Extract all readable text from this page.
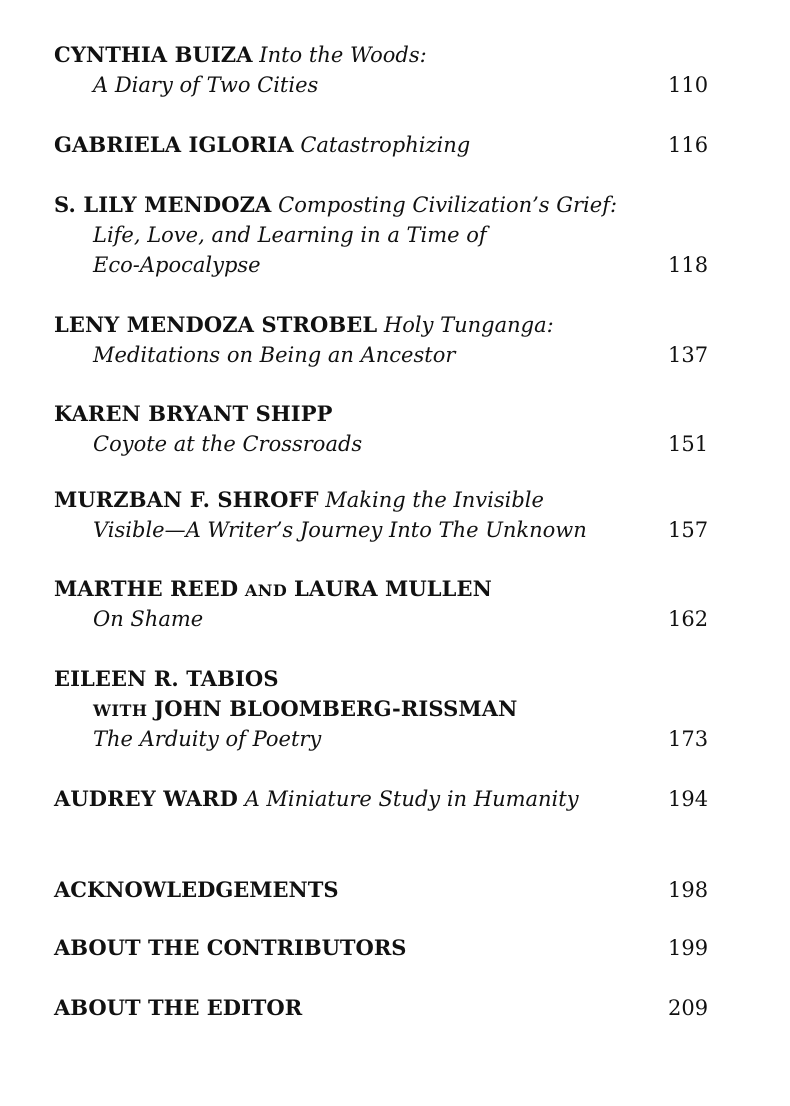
CYNTHIA BUIZA Into the Woods:
A Diary of Two Cities	110
GABRIELA IGLORIA Catastrophizing	116
S. LILY MENDOZA Composting Civilization’s Grief:
Life, Love, and Learning in a Time of
Eco-Apocalypse	118
LENY MENDOZA STROBEL Holy Tunganga:
Meditations on Being an Ancestor	137
KAREN BRYANT SHIPP
Coyote at the Crossroads	151
MURZBAN F. SHROFF Making the Invisible
Visible—A Writer’s Journey Into The Unknown	157
MARTHE REED AND LAURA MULLEN
On Shame	162
EILEEN R. TABIOS
WITH JOHN BLOOMBERG-RISSMAN
The Arduity of Poetry	173
AUDREY WARD A Miniature Study in Humanity	194
ACKNOWLEDGEMENTS	198
ABOUT THE CONTRIBUTORS	199
ABOUT THE EDITOR	209
